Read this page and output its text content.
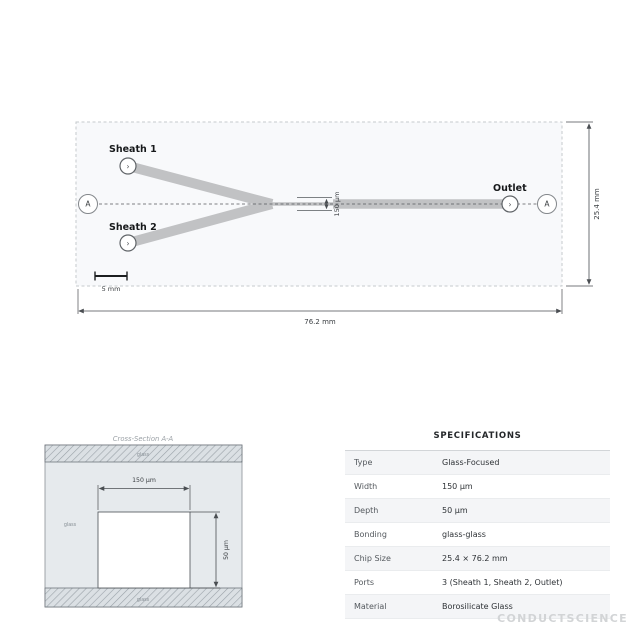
150 µm
76.2 mm
25.4 mm
5 mm
Sheath 1
Sheath 2
Outlet
›
›
›
A	A
Cross-Section A-A
glass
glass
glass
150 µm
50 µm
SPECIFICATIONS
Type	Glass-Focused
Width	150 µm
Depth	50 µm
Bonding	glass-glass
Chip Size	25.4 × 76.2 mm
Ports	3 (Sheath 1, Sheath 2, Outlet)
Material	Borosilicate Glass
CONDUCTSCIENCE
